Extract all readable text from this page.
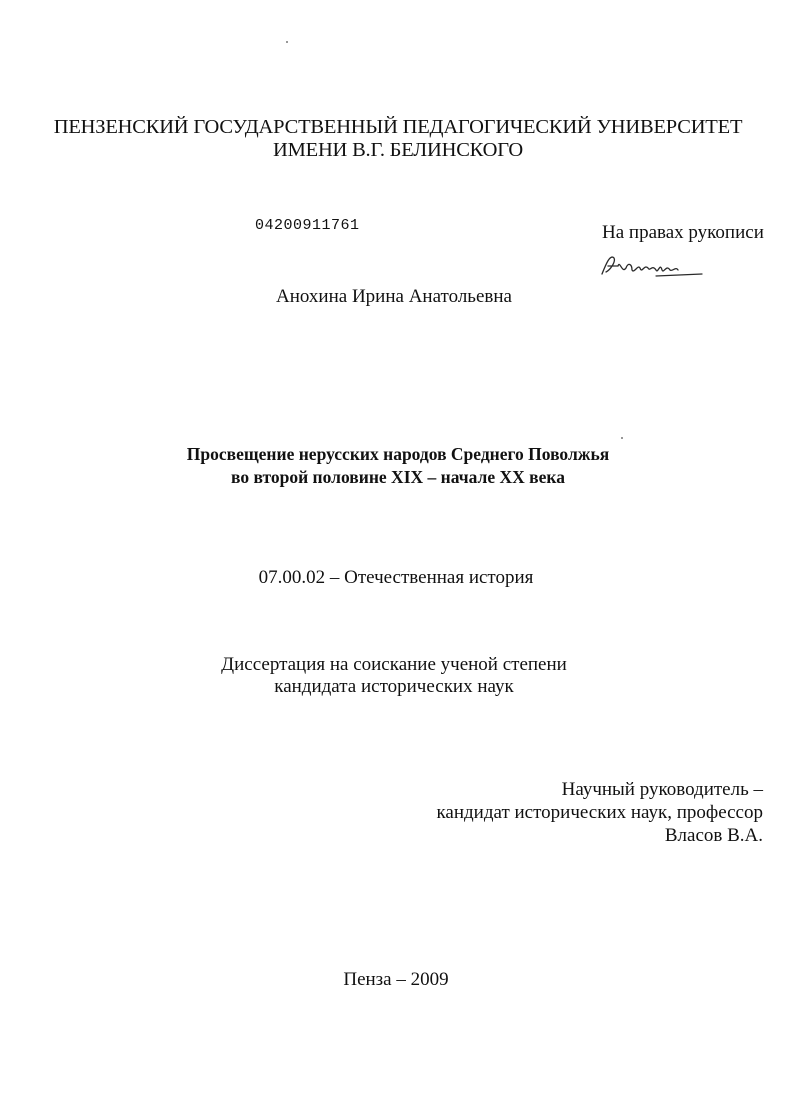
ПЕНЗЕНСКИЙ ГОСУДАРСТВЕННЫЙ ПЕДАГОГИЧЕСКИЙ УНИВЕРСИТЕТ
ИМЕНИ В.Г. БЕЛИНСКОГО
04200911761	На правах рукописи
Анохина Ирина Анатольевна
Просвещение нерусских народов Среднего Поволжья
во второй половине XIX – начале XX века
07.00.02 – Отечественная история
Диссертация на соискание ученой степени
кандидата исторических наук
Научный руководитель –
кандидат исторических наук, профессор
Власов В.А.
Пенза – 2009
